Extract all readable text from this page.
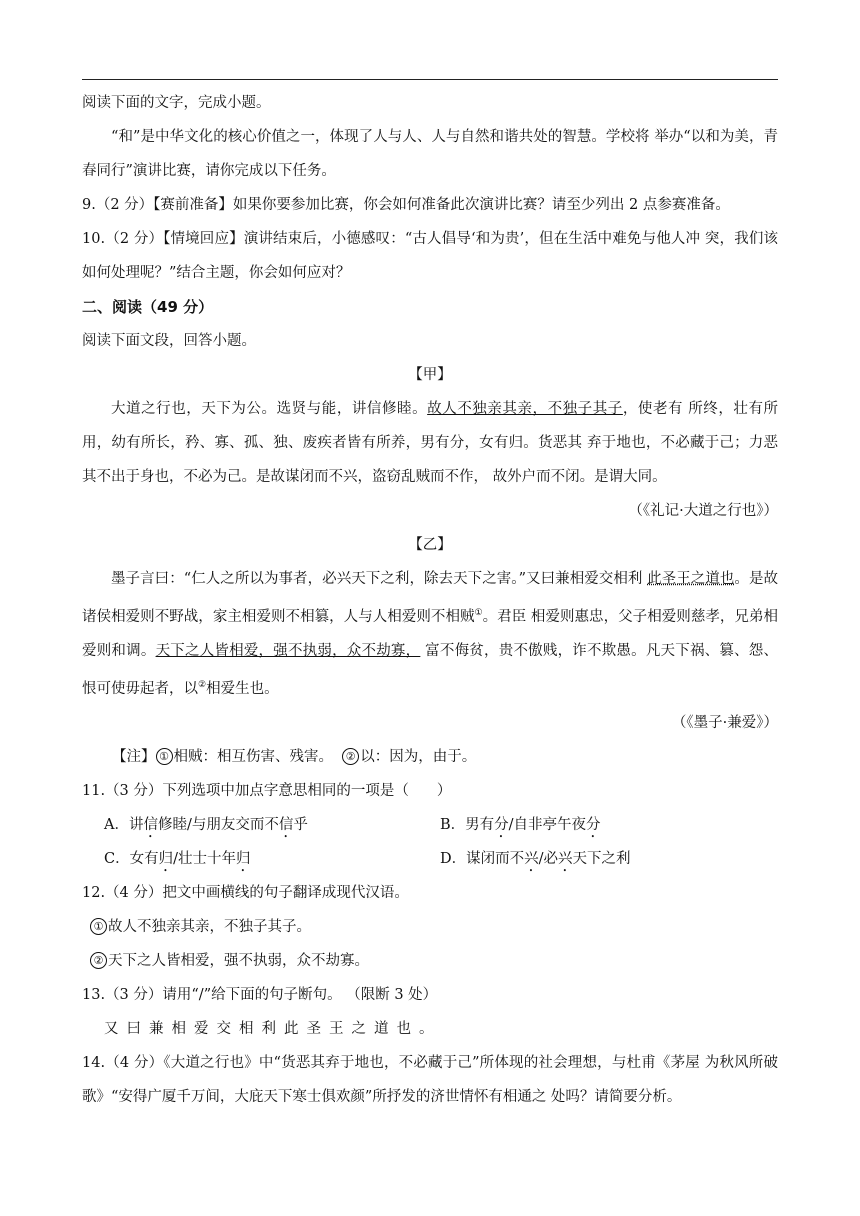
阅读下面的文字，完成小题。

“和”是中华文化的核心价值之一，体现了人与人、人与自然和谐共处的智慧。学校将 举办“以和为美，青春同行”演讲比赛，请你完成以下任务。

9.（2 分）【赛前准备】如果你要参加比赛，你会如何准备此次演讲比赛？请至少列出 2 点参赛准备。

10.（2 分）【情境回应】演讲结束后，小德感叹：“古人倡导‘和为贵’，但在生活中难免与他人冲 突，我们该如何处理呢？”结合主题，你会如何应对？

二、阅读（49 分）

阅读下面文段，回答小题。

【甲】

大道之行也，天下为公。选贤与能，讲信修睦。故人不独亲其亲，不独子其子，使老有 所终，壮有所用，幼有所长，矜、寡、孤、独、废疾者皆有所养，男有分，女有归。货恶其 弃于地也，不必藏于己；力恶其不出于身也，不必为己。是故谋闭而不兴，盗窃乱贼而不作， 故外户而不闭。是谓大同。

（《礼记·大道之行也》）

【乙】

墨子言曰：“仁人之所以为事者，必兴天下之利，除去天下之害。”又曰兼相爱交相利 此圣王之道也。是故诸侯相爱则不野战，家主相爱则不相篡，人与人相爱则不相贼①。君臣 相爱则惠忠，父子相爱则慈孝，兄弟相爱则和调。天下之人皆相爱，强不执弱，众不劫寡， 富不侮贫，贵不傲贱，诈不欺愚。凡天下祸、篡、怨、恨可使毋起者，以②相爱生也。

（《墨子·兼爱》）

【注】 ① 相贼：相互伤害、残害。 ② 以：因为，由于。

11.（3 分）下列选项中加点字意思相同的一项是（ ）

A．讲信修睦/与朋友交而不信乎	B．男有分/自非亭午夜分
C．女有归/壮士十年归	D．谋闭而不兴/必兴天下之利

12.（4 分）把文中画横线的句子翻译成现代汉语。

① 故人不独亲其亲，不独子其子。
② 天下之人皆相爱，强不执弱，众不劫寡。

13.（3 分）请用“/”给下面的句子断句。 （限断 3 处）

又曰兼相爱交相利此圣王之道也。

14.（4 分）《大道之行也》中“货恶其弃于地也，不必藏于己”所体现的社会理想，与杜甫《茅屋 为秋风所破歌》“安得广厦千万间，大庇天下寒士俱欢颜”所抒发的济世情怀有相通之 处吗？请简要分析。
